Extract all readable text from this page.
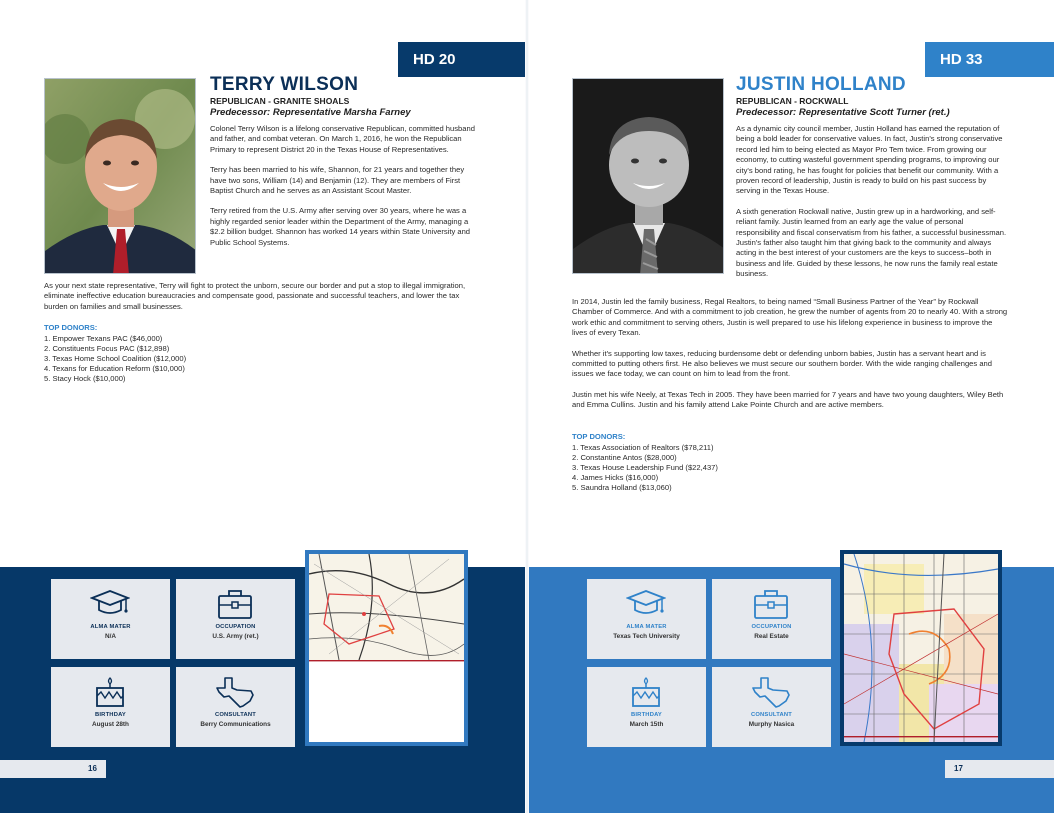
HD 20
TERRY WILSON
REPUBLICAN - GRANITE SHOALS
Predecessor: Representative Marsha Farney

Colonel Terry Wilson is a lifelong conservative Republican, committed husband and father, and combat veteran. On March 1, 2016, he won the Republican Primary to represent District 20 in the Texas House of Representatives.

Terry has been married to his wife, Shannon, for 21 years and together they have two sons, William (14) and Benjamin (12). They are members of First Baptist Church and he serves as an Assistant Scout Master.

Terry retired from the U.S. Army after serving over 30 years, where he was a highly regarded senior leader within the Department of the Army, managing a $2.2 billion budget. Shannon has worked 14 years within State University and Public School Systems.

As your next state representative, Terry will fight to protect the unborn, secure our border and put a stop to illegal immigration, eliminate ineffective education bureaucracies and compensate good, passionate and successful teachers, and lower the tax burden on families and small businesses.

TOP DONORS:
1. Empower Texans PAC ($46,000)
2. Constituents Focus PAC ($12,898)
3. Texas Home School Coalition ($12,000)
4. Texans for Education Reform ($10,000)
5. Stacy Hock ($10,000)
ALMA MATER
N/A
OCCUPATION
U.S. Army (ret.)
BIRTHDAY
August 28th
CONSULTANT
Berry Communications
16
HD 33
JUSTIN HOLLAND
REPUBLICAN - ROCKWALL
Predecessor: Representative Scott Turner (ret.)

As a dynamic city council member, Justin Holland has earned the reputation of being a bold leader for conservative values. In fact, Justin's strong conservative record led him to being elected as Mayor Pro Tem twice. From growing our economy, to cutting wasteful government spending programs, to improving our city's bond rating, he has fought for policies that benefit our community. With a proven record of leadership, Justin is ready to build on his past success by serving in the Texas House.

A sixth generation Rockwall native, Justin grew up in a hardworking, and self-reliant family. Justin learned from an early age the value of personal responsibility and fiscal conservatism from his father, a successful businessman. Justin's father also taught him that giving back to the community and always acting in the best interest of your customers are the keys to success–both in business and life. Guided by these lessons, he now runs the family real estate business.

In 2014, Justin led the family business, Regal Realtors, to being named “Small Business Partner of the Year” by Rockwall Chamber of Commerce. And with a commitment to job creation, he grew the number of agents from 20 to nearly 40. With a strong work ethic and commitment to serving others, Justin is well prepared to use his lifelong experience in business to improve the lives of every Texan.

Whether it's supporting low taxes, reducing burdensome debt or defending unborn babies, Justin has a servant heart and is committed to putting others first. He also believes we must secure our southern border. With the wide ranging challenges and issues we face today, we can count on him to lead from the front.

Justin met his wife Neely, at Texas Tech in 2005. They have been married for 7 years and have two young daughters, Wiley Beth and Emma Cullins. Justin and his family attend Lake Pointe Church and are active members.

TOP DONORS:
1. Texas Association of Realtors ($78,211)
2. Constantine Antos ($28,000)
3. Texas House Leadership Fund ($22,437)
4. James Hicks ($16,000)
5. Saundra Holland ($13,060)
ALMA MATER
Texas Tech University
OCCUPATION
Real Estate
BIRTHDAY
March 15th
CONSULTANT
Murphy Nasica
17
